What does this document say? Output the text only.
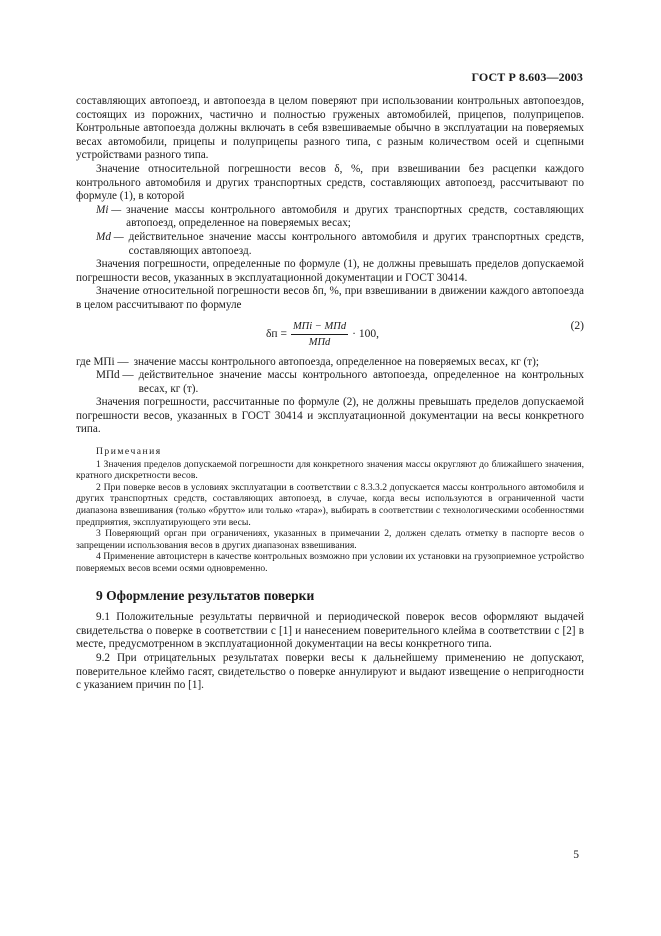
ГОСТ Р 8.603—2003

составляющих автопоезд, и автопоезда в целом поверяют при использовании контрольных автопоездов, состоящих из порожних, частично и полностью груженых автомобилей, прицепов, полуприцепов. Контрольные автопоезда должны включать в себя взвешиваемые обычно в эксплуатации на поверяемых весах автомобили, прицепы и полуприцепы разного типа, с разным количеством осей и сцепными устройствами разного типа.

Значение относительной погрешности весов δ, %, при взвешивании без расцепки каждого контрольного автомобиля и других транспортных средств, составляющих автопоезд, рассчитывают по формуле (1), в которой

Mi — значение массы контрольного автомобиля и других транспортных средств, составляющих автопоезд, определенное на поверяемых весах;
Md — действительное значение массы контрольного автомобиля и других транспортных средств, составляющих автопоезд.

Значения погрешности, определенные по формуле (1), не должны превышать пределов допускаемой погрешности весов, указанных в эксплуатационной документации и ГОСТ 30414.

Значение относительной погрешности весов δп, %, при взвешивании в движении каждого автопоезда в целом рассчитывают по формуле

$\delta п = \frac{\text{MПi − MПd}}{\text{MПd}} \cdot 100$,
(2)
где MПi — значение массы контрольного автопоезда, определенное на поверяемых весах, кг (т);
MПd — действительное значение массы контрольного автопоезда, определенное на контрольных весах, кг (т).

Значения погрешности, рассчитанные по формуле (2), не должны превышать пределов допускаемой погрешности весов, указанных в ГОСТ 30414 и эксплуатационной документации на весы конкретного типа.

Примечания

1 Значения пределов допускаемой погрешности для конкретного значения массы округляют до ближайшего значения, кратного дискретности весов.

2 При поверке весов в условиях эксплуатации в соответствии с 8.3.3.2 допускается массы контрольного автомобиля и других транспортных средств, составляющих автопоезд, в случае, когда весы используются в ограниченной части диапазона взвешивания (только «брутто» или только «тара»), выбирать в соответствии с технологическими особенностями предприятия, эксплуатирующего эти весы.

3 Поверяющий орган при ограничениях, указанных в примечании 2, должен сделать отметку в паспорте весов о запрещении использования весов в других диапазонах взвешивания.

4 Применение автоцистерн в качестве контрольных возможно при условии их установки на грузоприемное устройство поверяемых весов всеми осями одновременно.

9 Оформление результатов поверки

9.1 Положительные результаты первичной и периодической поверок весов оформляют выдачей свидетельства о поверке в соответствии с [1] и нанесением поверительного клейма в соответствии с [2] в месте, предусмотренном в эксплуатационной документации на весы конкретного типа.

9.2 При отрицательных результатах поверки весы к дальнейшему применению не допускают, поверительное клеймо гасят, свидетельство о поверке аннулируют и выдают извещение о непригодности с указанием причин по [1].

5
